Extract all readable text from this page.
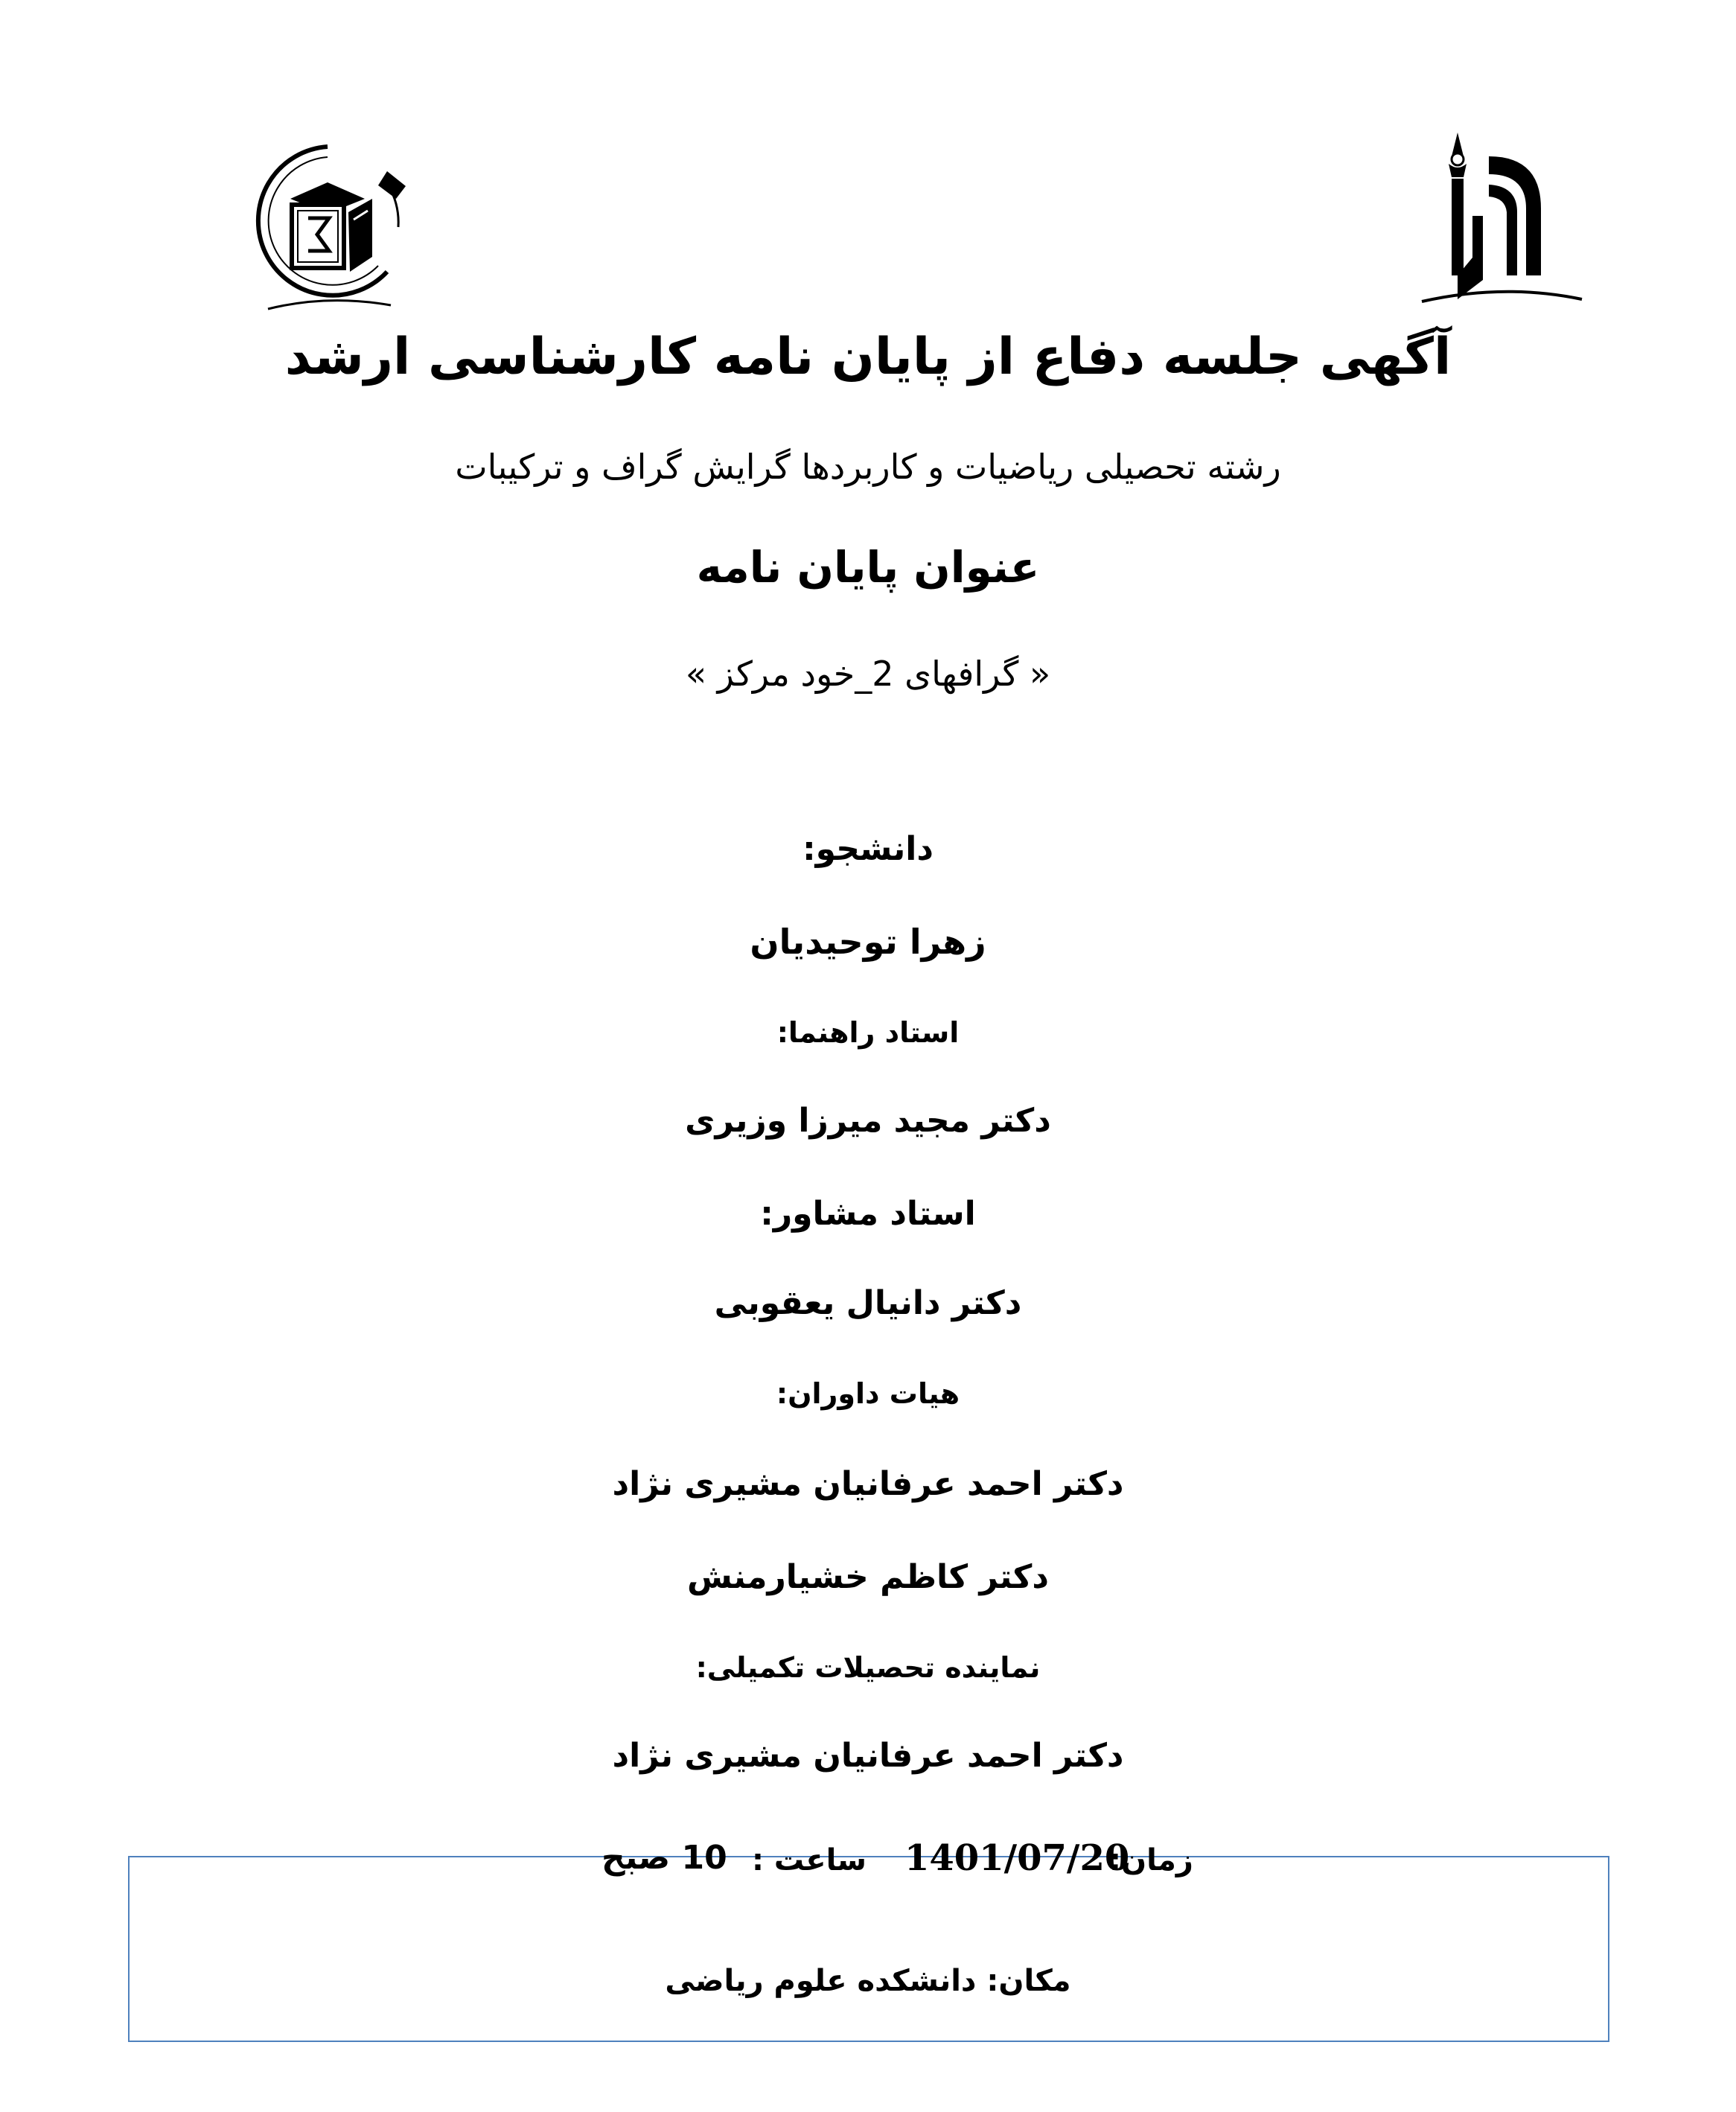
آگهی جلسه دفاع از پایان نامه کارشناسی ارشد
رشته تحصیلی ریاضیات و کاربردها گرایش گراف و ترکیبات
عنوان پایان نامه
« گرافهای 2_خود مرکز »
دانشجو:
زهرا توحیدیان
استاد راهنما:
دکتر مجید میرزا وزیری
استاد مشاور:
دکتر دانیال یعقوبی
هیات داوران:
دکتر احمد عرفانیان مشیری نژاد
دکتر کاظم خشیارمنش
نماینده تحصیلات تکمیلی:
دکتر احمد عرفانیان مشیری نژاد
زمان:
1401/07/20
ساعت :
10 صبح
مکان: دانشکده علوم ریاضی
